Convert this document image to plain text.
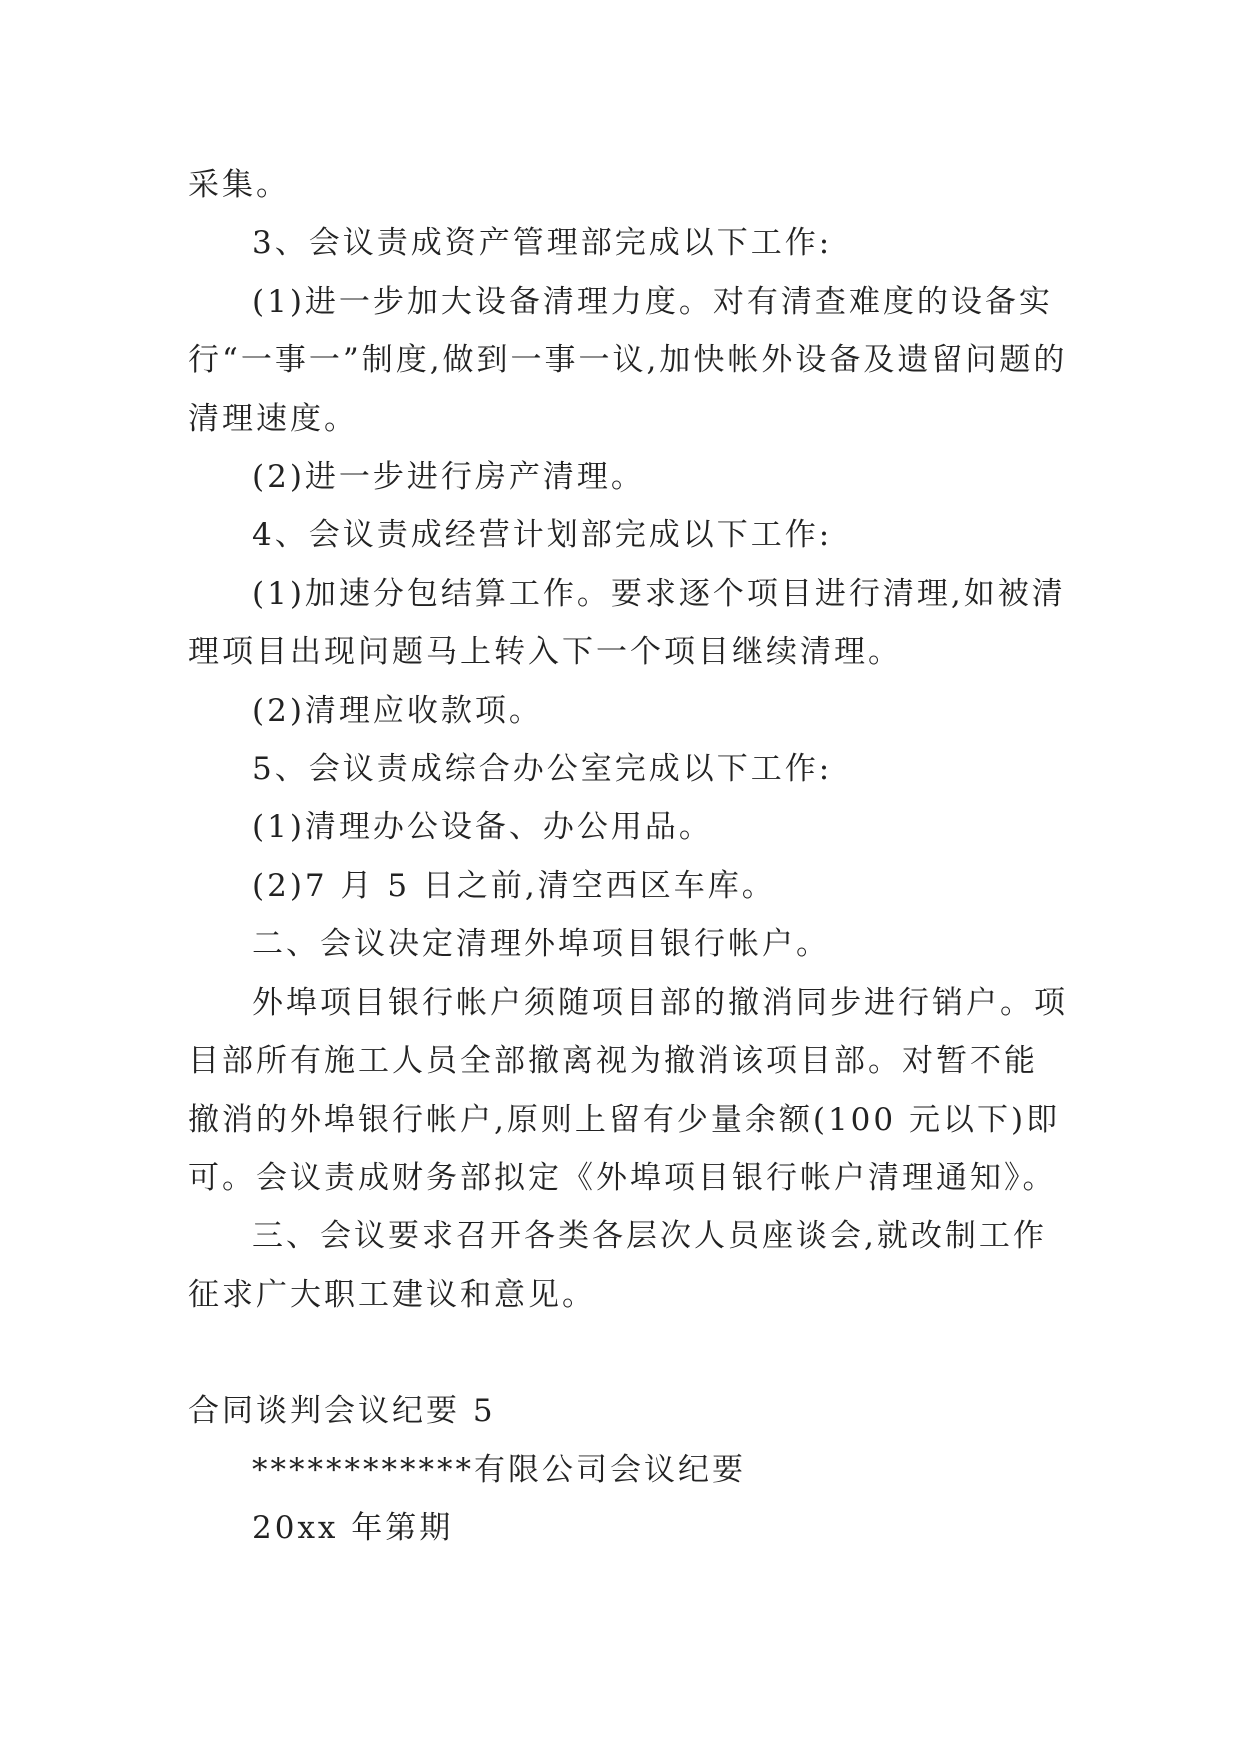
采集。

3、会议责成资产管理部完成以下工作:

(1)进一步加大设备清理力度。对有清查难度的设备实行“一事一”制度,做到一事一议,加快帐外设备及遗留问题的清理速度。

(2)进一步进行房产清理。

4、会议责成经营计划部完成以下工作:

(1)加速分包结算工作。要求逐个项目进行清理,如被清理项目出现问题马上转入下一个项目继续清理。

(2)清理应收款项。

5、会议责成综合办公室完成以下工作:

(1)清理办公设备、办公用品。

(2)7 月 5 日之前,清空西区车库。

二、会议决定清理外埠项目银行帐户。

外埠项目银行帐户须随项目部的撤消同步进行销户。项目部所有施工人员全部撤离视为撤消该项目部。对暂不能撤消的外埠银行帐户,原则上留有少量余额(100 元以下)即可。会议责成财务部拟定《外埠项目银行帐户清理通知》。

三、会议要求召开各类各层次人员座谈会,就改制工作征求广大职工建议和意见。

合同谈判会议纪要 5

************有限公司会议纪要

20xx 年第期
